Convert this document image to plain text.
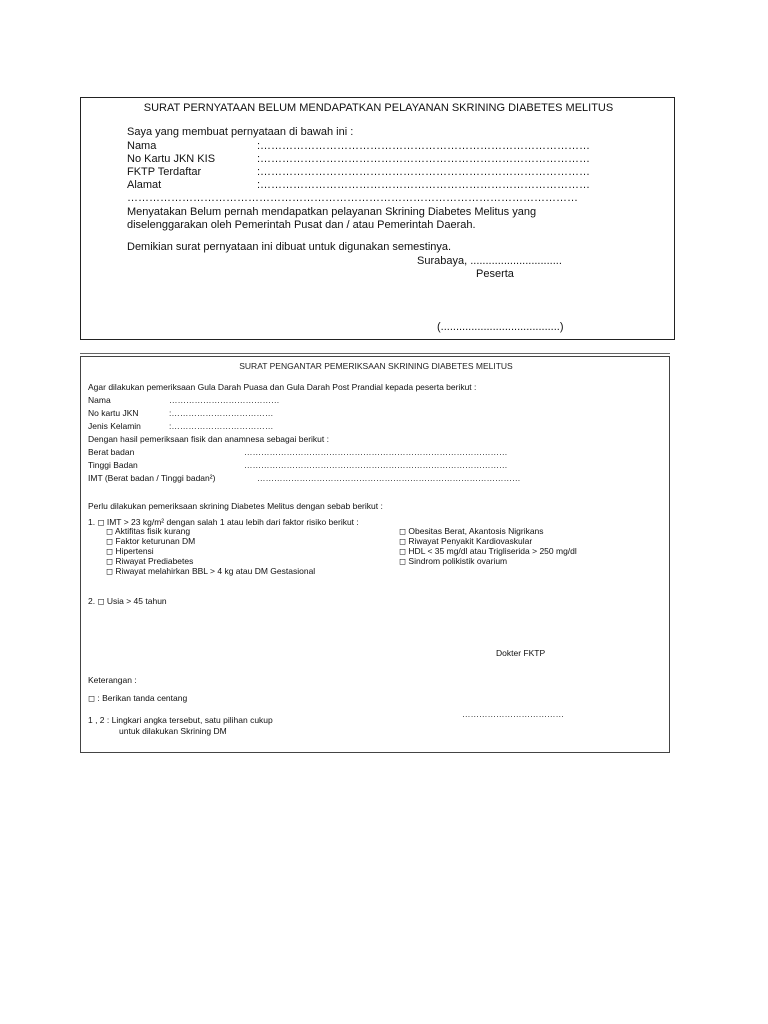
SURAT PERNYATAAN BELUM MENDAPATKAN PELAYANAN SKRINING DIABETES MELITUS
Saya yang membuat pernyataan di bawah ini :
Nama	:………………………………………………………………………………
No Kartu JKN KIS	:………………………………………………………………………………
FKTP Terdaftar	:………………………………………………………………………………
Alamat	:………………………………………………………………………………
……………………………………………………………………………………………………………
Menyatakan Belum pernah mendapatkan pelayanan Skrining Diabetes Melitus yang
diselenggarakan oleh Pemerintah Pusat dan / atau Pemerintah Daerah.
Demikian surat pernyataan ini dibuat untuk digunakan semestinya.
Surabaya, ..............................
Peserta
(.......................................)
SURAT PENGANTAR PEMERIKSAAN SKRINING DIABETES MELITUS
Agar dilakukan pemeriksaan Gula Darah Puasa dan Gula Darah Post Prandial kepada peserta berikut :
Nama	…………………………………
No kartu JKN	:………………………………
Jenis Kelamin	:………………………………
Dengan hasil pemeriksaan fisik dan anamnesa sebagai berikut :
Berat badan	…………………………………………………………………………………
Tinggi Badan	…………………………………………………………………………………
IMT (Berat badan / Tinggi badan²)	…………………………………………………………………………………
Perlu dilakukan pemeriksaan skrining Diabetes Melitus dengan sebab berikut :
1. ◻ IMT > 23 kg/m² dengan salah 1 atau lebih dari faktor risiko berikut :
◻ Aktifitas fisik kurang
◻ Faktor keturunan DM
◻ Hipertensi
◻ Riwayat Prediabetes
◻ Riwayat melahirkan BBL > 4 kg atau DM Gestasional
◻ Obesitas Berat, Akantosis Nigrikans
◻ Riwayat Penyakit Kardiovaskular
◻ HDL < 35 mg/dl atau Trigliserida > 250 mg/dl
◻ Sindrom polikistik ovarium
2. ◻ Usia > 45 tahun
Dokter FKTP
Keterangan :
◻ : Berikan tanda centang
………………………………
1 , 2 : Lingkari angka tersebut, satu pilihan cukup
untuk dilakukan Skrining DM
